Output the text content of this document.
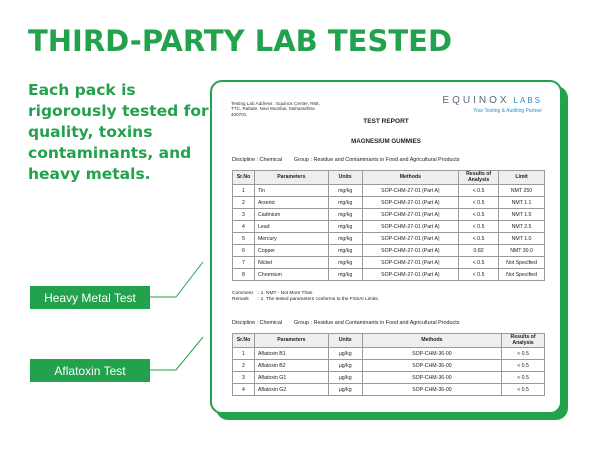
THIRD-PARTY LAB TESTED
Each pack is
rigorously tested for
quality, toxins
contaminants, and
heavy metals.
Heavy Metal Test
Aflatoxin Test
Testing Lab Address : Equinox Center, R65, TTC, Rabale, Navi Mumbai, Maharashtra 400701
EQUINOX LABS
Your Testing & Auditing Partner
TEST REPORT
MAGNESIUM GUMMIES
Discipline : Chemical Group : Residue and Contaminants in Food and Agricultural Products
Sr.No	Parameters	Units	Methods	Results of Analysis	Limit
1	Tin	mg/kg	SOP-CHM-27-01 (Part A)	< 0.5	NMT 250
2	Arsenic	mg/kg	SOP-CHM-27-01 (Part A)	< 0.5	NMT 1.1
3	Cadmium	mg/kg	SOP-CHM-27-01 (Part A)	< 0.5	NMT 1.5
4	Lead	mg/kg	SOP-CHM-27-01 (Part A)	< 0.5	NMT 2.5
5	Mercury	mg/kg	SOP-CHM-27-01 (Part A)	< 0.5	NMT 1.0
6	Copper	mg/kg	SOP-CHM-27-01 (Part A)	0.82	NMT 30.0
7	Nickel	mg/kg	SOP-CHM-27-01 (Part A)	< 0.5	Not Specified
8	Chromium	mg/kg	SOP-CHM-27-01 (Part A)	< 0.5	Not Specified
Comment : 1. NMT - Not More Than
Remark : 1. The tested parameters conforms to the FSSAI Limits.
Discipline : Chemical Group : Residue and Contaminants in Food and Agricultural Products
Sr.No	Parameters	Units	Methods	Results of Analysis
1	Aflatoxin B1	µg/kg	SOP-CHM-36-00	< 0.5
2	Aflatoxin B2	µg/kg	SOP-CHM-36-00	< 0.5
3	Aflatoxin G1	µg/kg	SOP-CHM-36-00	< 0.5
4	Aflatoxin G2	µg/kg	SOP-CHM-36-00	< 0.5
